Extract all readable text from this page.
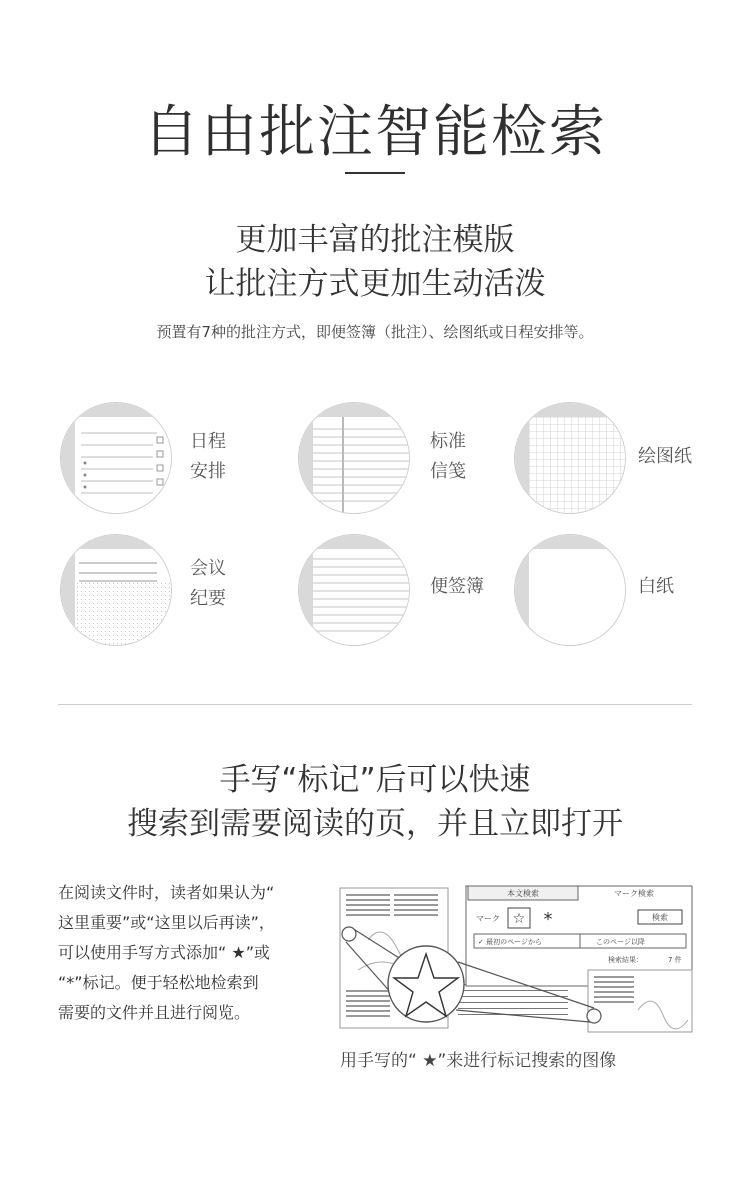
自由批注智能检索
更加丰富的批注模版
让批注方式更加生动活泼
预置有7种的批注方式，即便签簿（批注）、绘图纸或日程安排等。
日程
安排
标准
信笺
绘图纸
会议
纪要
便签簿	白纸
手写“标记”后可以快速
搜索到需要阅读的页，并且立即打开
在阅读文件时，读者如果认为“
这里重要”或“这里以后再读”，
可以使用手写方式添加“ ★”或
“*”标记。便于轻松地检索到
需要的文件并且进行阅览。
本文検索	マーク検索
マーク ☆ *	検索
✓ 最初のページから	このページ以降
検索結果：	7 件
用手写的“ ★”来进行标记搜索的图像
